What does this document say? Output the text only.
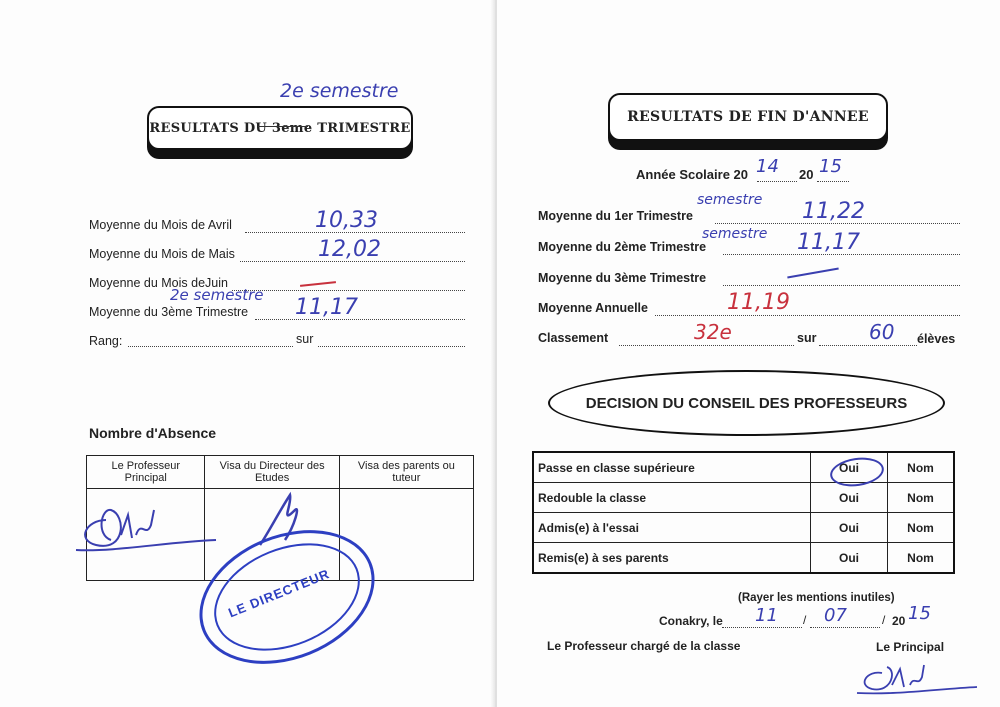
2e semestre
RESULTATS DU 3eme TRIMESTRE
Moyenne du Mois de Avril	10,33
Moyenne du Mois de Mais	12,02
Moyenne du Mois deJuin
2e semestre
Moyenne du 3ème Trimestre 11,17
Rang:	sur
Nombre d'Absence
Le Professeur Principal	Visa du Directeur des Etudes	Visa des parents ou tuteur

LE DIRECTEUR
RESULTATS DE FIN D'ANNEE
Année Scolaire 20 14 20 15
semestre
Moyenne du 1er Trimestre	11,22
semestre
Moyenne du 2ème Trimestre	11,17
Moyenne du 3ème Trimestre
Moyenne Annuelle	11,19
Classement	32e	sur	60 élèves
DECISION DU CONSEIL DES PROFESSEURS
Passe en classe supérieure	Oui	Nom
Redouble la classe	Oui	Nom
Admis(e) à l'essai	Oui	Nom
Remis(e) à ses parents	Oui	Nom
(Rayer les mentions inutiles)
Conakry, le 11 / 07	/ 20 15
Le Professeur chargé de la classe	Le Principal
